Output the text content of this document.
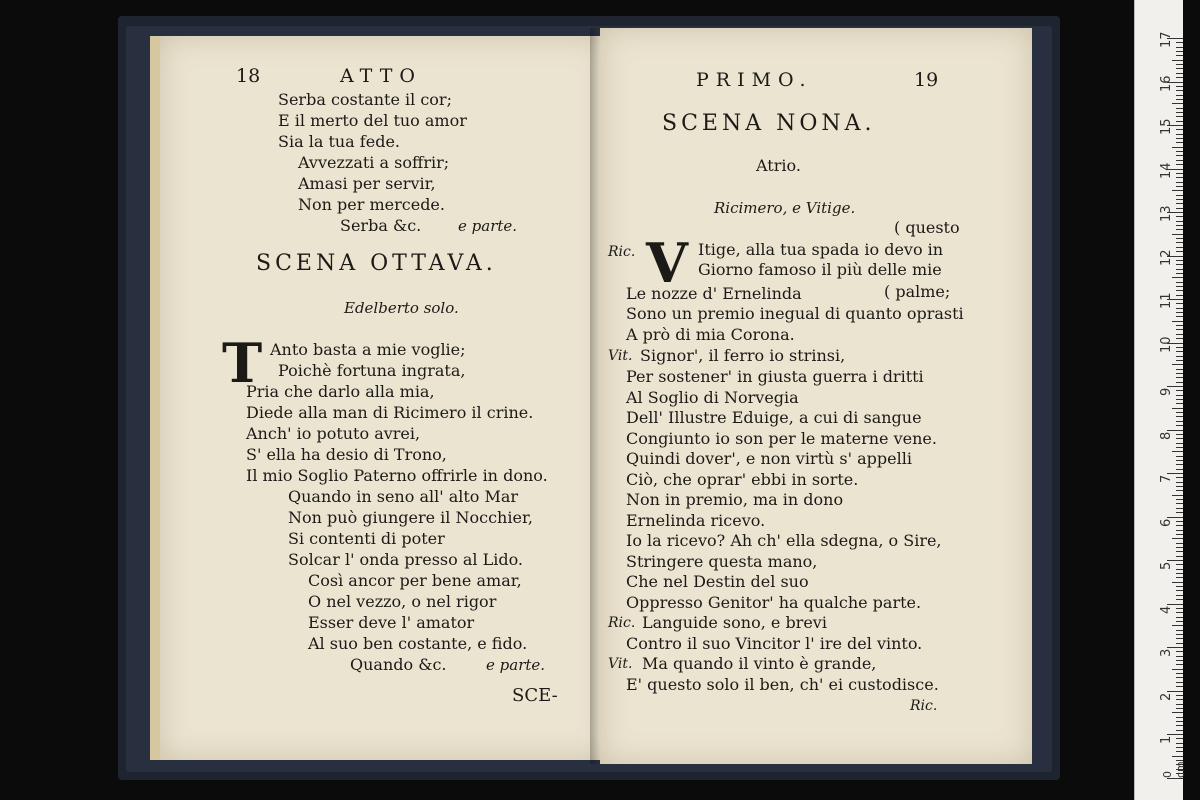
18	ATTO
Serba costante il cor;
E il merto del tuo amor
Sia la tua fede.
Avvezzati a soffrir;
Amasi per servir,
Non per mercede.
Serba &c. e parte.
SCENA OTTAVA.
Edelberto solo.
T Anto basta a mie voglie;
Poichè fortuna ingrata,
Pria che darlo alla mia,
Diede alla man di Ricimero il crine.
Anch' io potuto avrei,
S' ella ha desio di Trono,
Il mio Soglio Paterno offrirle in dono.
Quando in seno all' alto Mar
Non può giungere il Nocchier,
Si contenti di poter
Solcar l' onda presso al Lido.
Così ancor per bene amar,
O nel vezzo, o nel rigor
Esser deve l' amator
Al suo ben costante, e fido.
Quando &c.	e parte.
SCE-
PRIMO.	19
SCENA NONA.
Atrio.
Ricimero, e Vitige.
( questo
Ric. V Itige, alla tua spada io devo in
Giorno famoso il più delle mie
Le nozze d' Ernelinda	( palme;
Sono un premio inegual di quanto oprasti
A prò di mia Corona.
Vit. Signor', il ferro io strinsi,
Per sostener' in giusta guerra i dritti
Al Soglio di Norvegia
Dell' Illustre Eduige, a cui di sangue
Congiunto io son per le materne vene.
Quindi dover', e non virtù s' appelli
Ciò, che oprar' ebbi in sorte.
Non in premio, ma in dono
Ernelinda ricevo.
Io la ricevo? Ah ch' ella sdegna, o Sire,
Stringere questa mano,
Che nel Destin del suo
Oppresso Genitor' ha qualche parte.
Ric. Languide sono, e brevi
Contro il suo Vincitor l' ire del vinto.
Vit. Ma quando il vinto è grande,
E' questo solo il ben, ch' ei custodisce.
Ric.
17
16
15
14
13
12
11
10
9
8
7
6
5
4
3
2
1
0 cm
